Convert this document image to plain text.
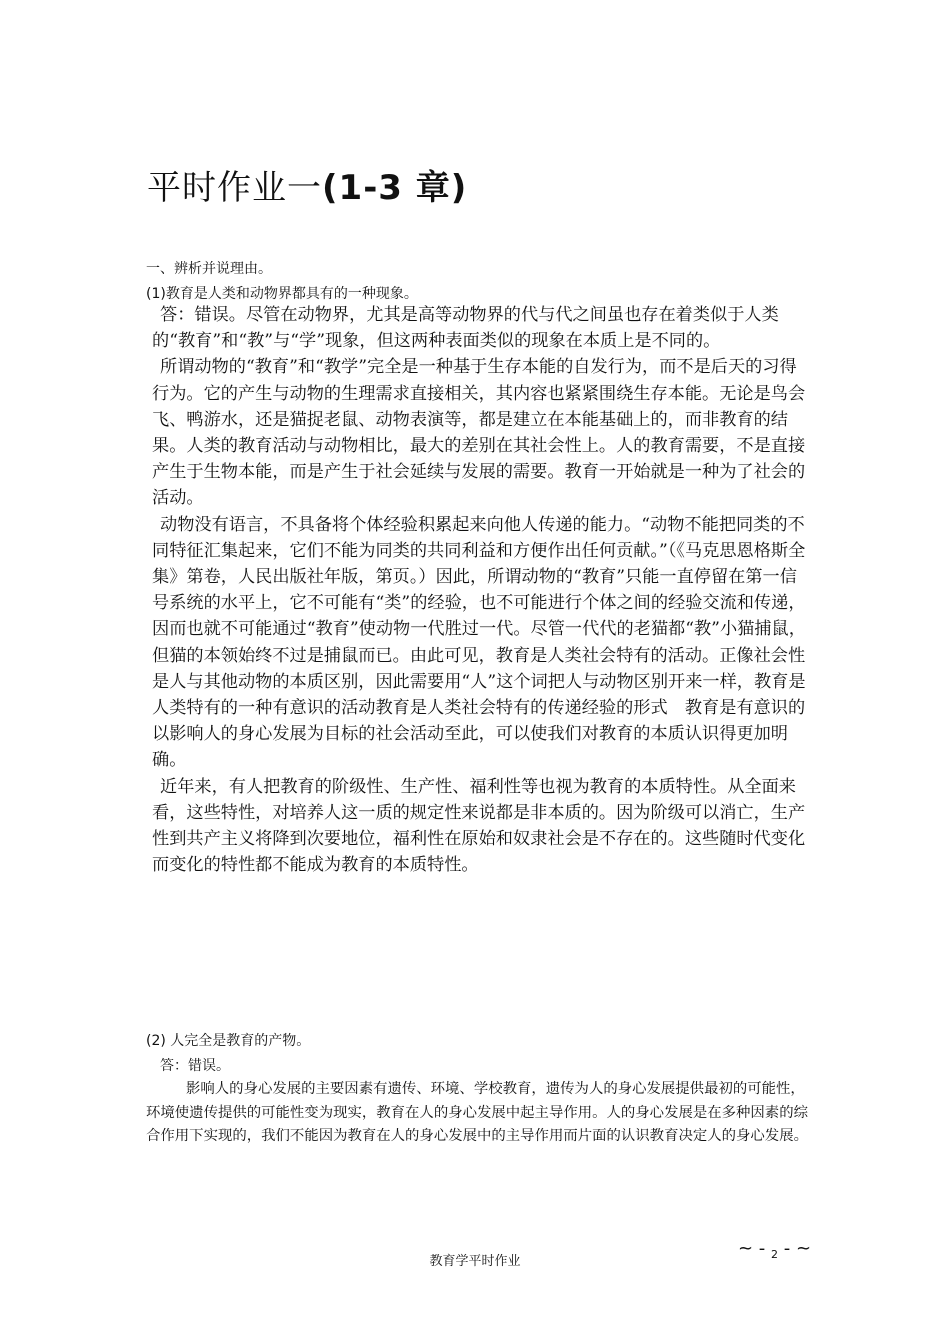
平时作业一(1-3 章)
一、辨析并说理由。
(1)教育是人类和动物界都具有的一种现象。

答：错误。尽管在动物界，尤其是高等动物界的代与代之间虽也存在着类似于人类的“教育”和“教”与“学”现象，但这两种表面类似的现象在本质上是不同的。

所谓动物的“教育”和“教学”完全是一种基于生存本能的自发行为，而不是后天的习得行为。它的产生与动物的生理需求直接相关，其内容也紧紧围绕生存本能。无论是鸟会飞、鸭游水，还是猫捉老鼠、动物表演等，都是建立在本能基础上的，而非教育的结果。人类的教育活动与动物相比，最大的差别在其社会性上。人的教育需要，不是直接产生于生物本能，而是产生于社会延续与发展的需要。教育一开始就是一种为了社会的活动。

动物没有语言，不具备将个体经验积累起来向他人传递的能力。“动物不能把同类的不同特征汇集起来，它们不能为同类的共同利益和方便作出任何贡献。”（《马克思恩格斯全集》第卷，人民出版社年版，第页。）因此，所谓动物的“教育”只能一直停留在第一信号系统的水平上，它不可能有“类”的经验，也不可能进行个体之间的经验交流和传递，因而也就不可能通过“教育”使动物一代胜过一代。尽管一代代的老猫都“教”小猫捕鼠，但猫的本领始终不过是捕鼠而已。由此可见，教育是人类社会特有的活动。正像社会性是人与其他动物的本质区别，因此需要用“人”这个词把人与动物区别开来一样，教育是人类特有的一种有意识的活动教育是人类社会特有的传递经验的形式　教育是有意识的以影响人的身心发展为目标的社会活动至此，可以使我们对教育的本质认识得更加明确。

近年来，有人把教育的阶级性、生产性、福利性等也视为教育的本质特性。从全面来看，这些特性，对培养人这一质的规定性来说都是非本质的。因为阶级可以消亡，生产性到共产主义将降到次要地位，福利性在原始和奴隶社会是不存在的。这些随时代变化而变化的特性都不能成为教育的本质特性。

(2) 人完全是教育的产物。
答：错误。

影响人的身心发展的主要因素有遗传、环境、学校教育，遗传为人的身心发展提供最初的可能性，环境使遗传提供的可能性变为现实，教育在人的身心发展中起主导作用。人的身心发展是在多种因素的综合作用下实现的，我们不能因为教育在人的身心发展中的主导作用而片面的认识教育决定人的身心发展。

教育学平时作业
~ - $_2$ - ~
